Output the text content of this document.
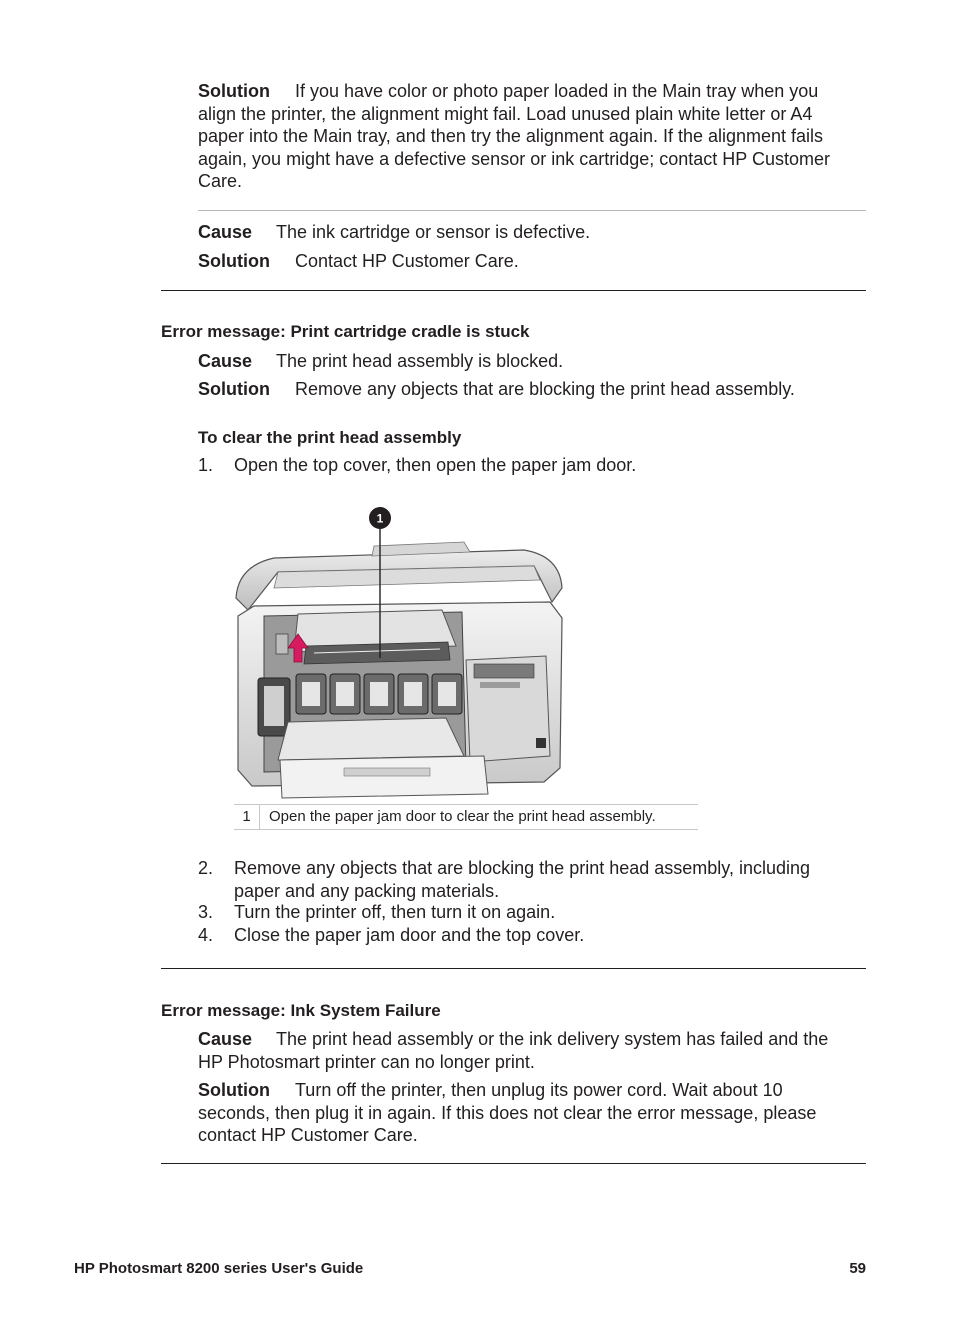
Solution If you have color or photo paper loaded in the Main tray when you
align the printer, the alignment might fail. Load unused plain white letter or A4
paper into the Main tray, and then try the alignment again. If the alignment fails
again, you might have a defective sensor or ink cartridge; contact HP Customer
Care.
Cause The ink cartridge or sensor is defective.
Solution Contact HP Customer Care.
Error message: Print cartridge cradle is stuck
Cause The print head assembly is blocked.
Solution Remove any objects that are blocking the print head assembly.
To clear the print head assembly
1.	Open the top cover, then open the paper jam door.
1
1	Open the paper jam door to clear the print head assembly.
2.	Remove any objects that are blocking the print head assembly, including
paper and any packing materials.
3.	Turn the printer off, then turn it on again.
4.	Close the paper jam door and the top cover.
Error message: Ink System Failure
Cause The print head assembly or the ink delivery system has failed and the
HP Photosmart printer can no longer print.
Solution Turn off the printer, then unplug its power cord. Wait about 10
seconds, then plug it in again. If this does not clear the error message, please
contact HP Customer Care.
HP Photosmart 8200 series User's Guide	59
